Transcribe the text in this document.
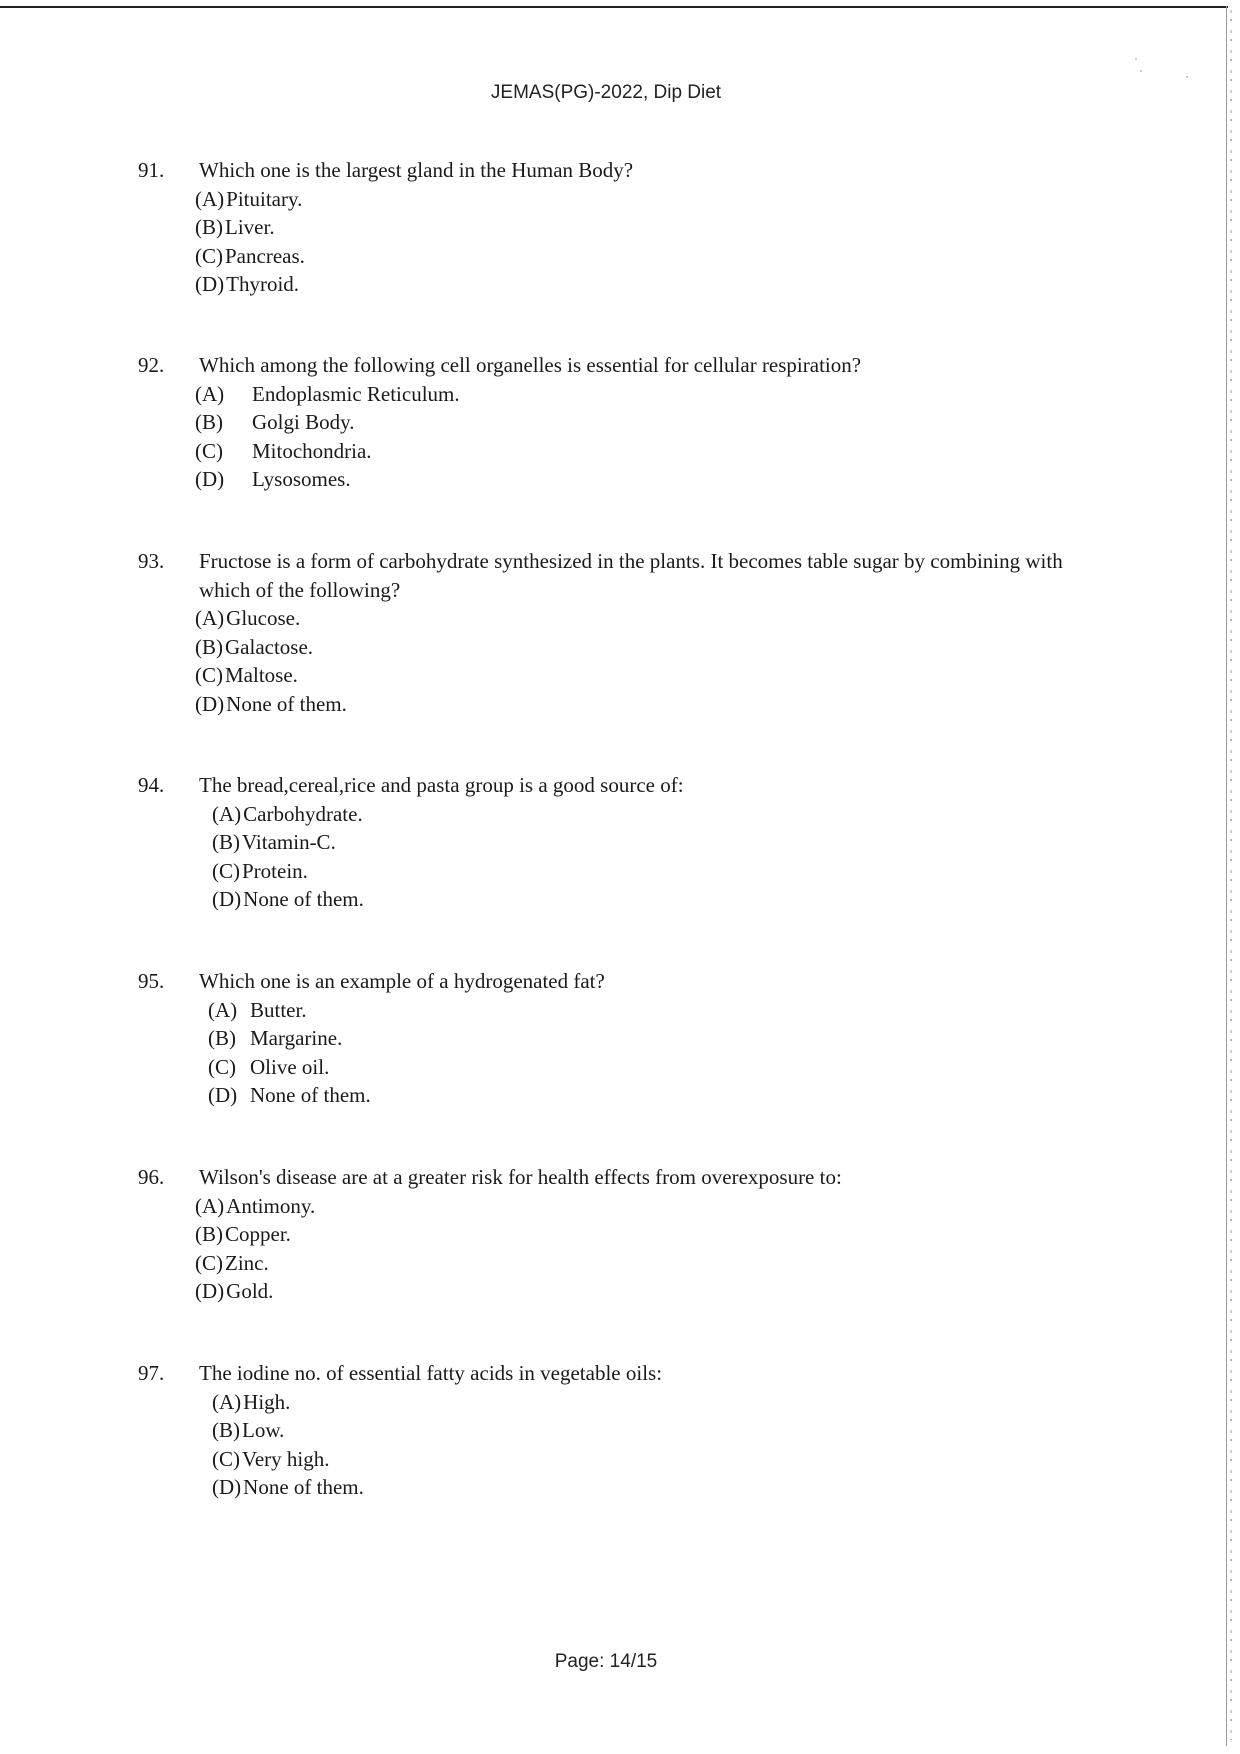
JEMAS(PG)-2022, Dip Diet
91.	Which one is the largest gland in the Human Body?
(A) Pituitary.
(B) Liver.
(C) Pancreas.
(D) Thyroid.
92.	Which among the following cell organelles is essential for cellular respiration?
(A)	Endoplasmic Reticulum.
(B)	Golgi Body.
(C)	Mitochondria.
(D)	Lysosomes.
93.	Fructose is a form of carbohydrate synthesized in the plants. It becomes table sugar by combining with which of the following?
(A) Glucose.
(B) Galactose.
(C) Maltose.
(D) None of them.
94.	The bread,cereal,rice and pasta group is a good source of:
(A) Carbohydrate.
(B) Vitamin-C.
(C) Protein.
(D) None of them.
95.	Which one is an example of a hydrogenated fat?
(A) Butter.
(B) Margarine.
(C) Olive oil.
(D) None of them.
96.	Wilson's disease are at a greater risk for health effects from overexposure to:
(A) Antimony.
(B) Copper.
(C) Zinc.
(D) Gold.
97.	The iodine no. of essential fatty acids in vegetable oils:
(A) High.
(B) Low.
(C) Very high.
(D) None of them.
Page: 14/15
